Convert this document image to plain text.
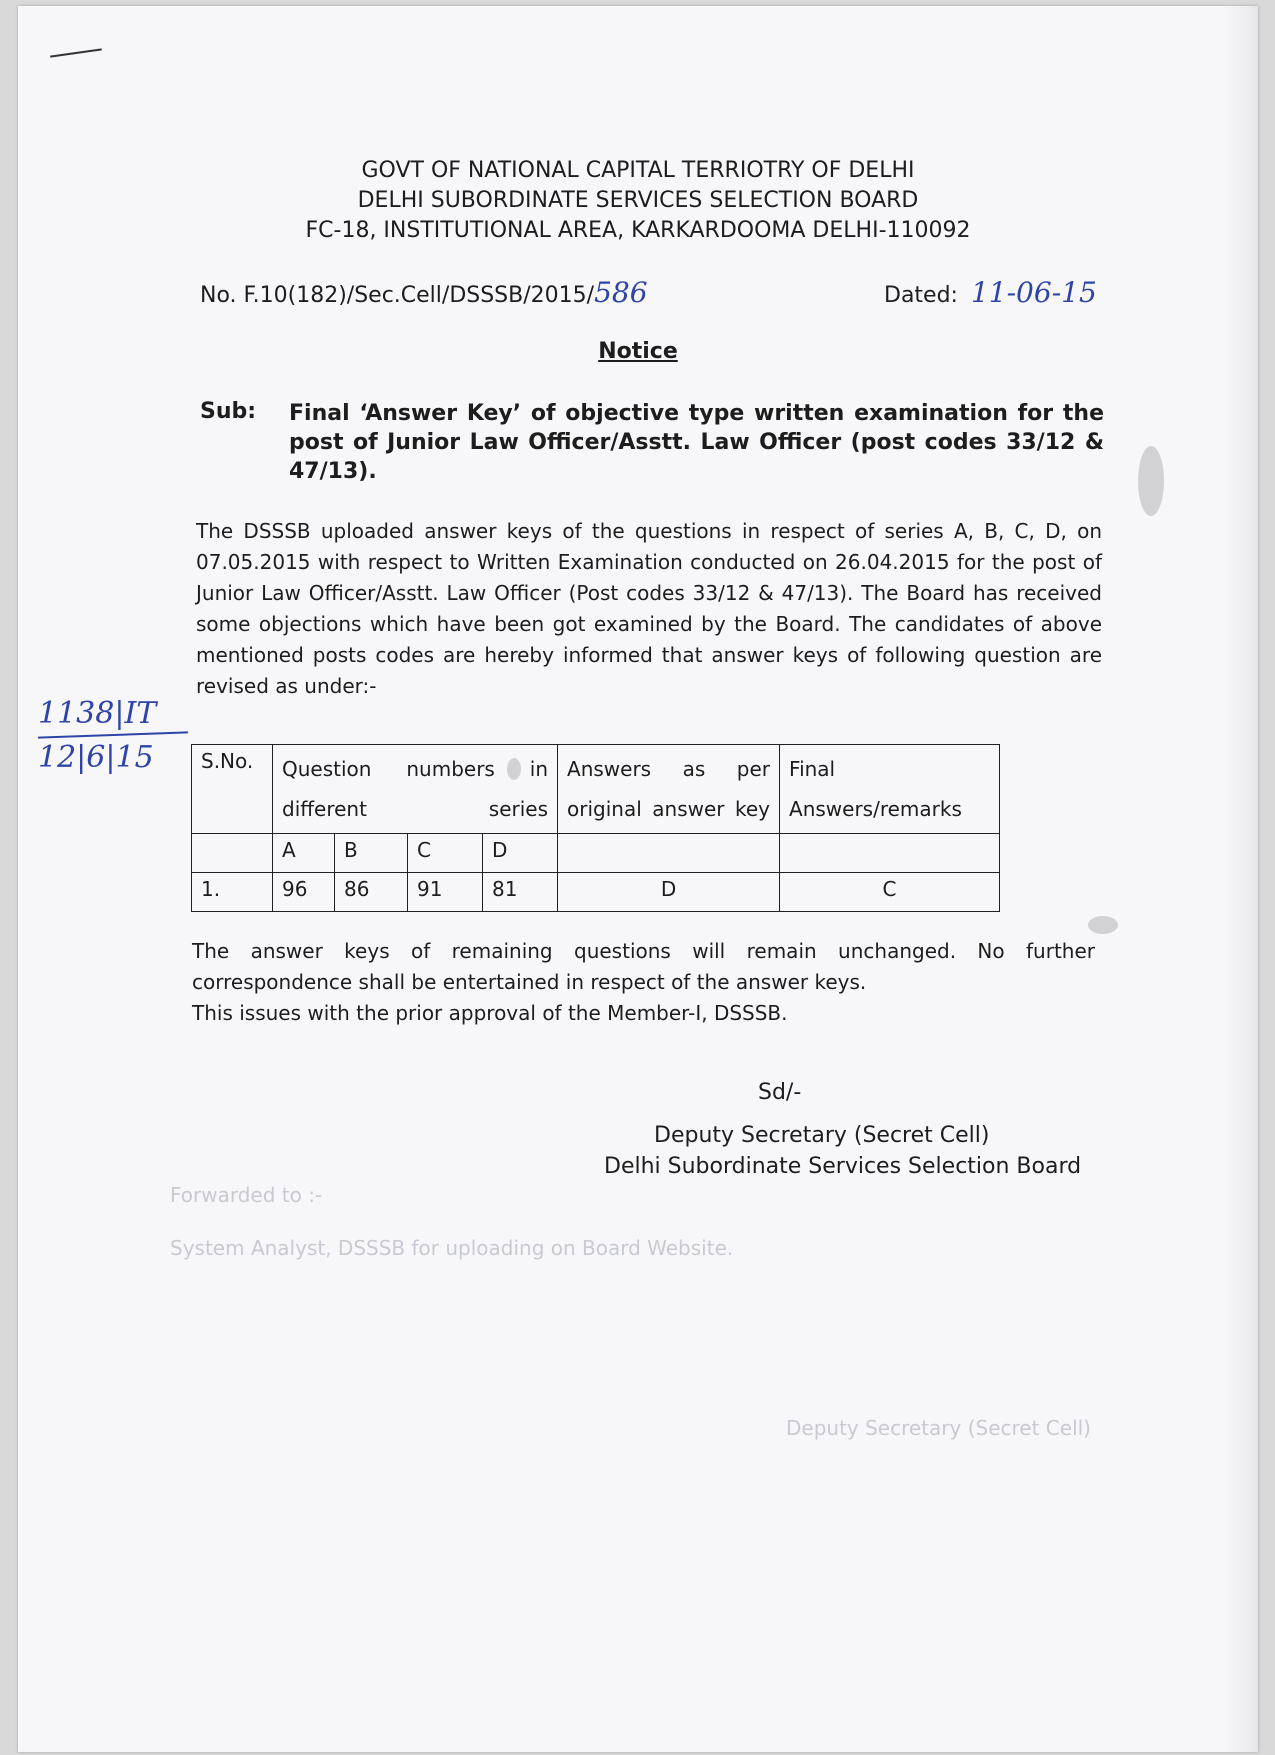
Forwarded to :-
System Analyst, DSSSB for uploading on Board Website.
Deputy Secretary (Secret Cell)
GOVT OF NATIONAL CAPITAL TERRIOTRY OF DELHI
DELHI SUBORDINATE SERVICES SELECTION BOARD
FC-18, INSTITUTIONAL AREA, KARKARDOOMA DELHI-110092
No. F.10(182)/Sec.Cell/DSSSB/2015/586	Dated: 11-06-15
Notice
Sub: Final ‘Answer Key’ of objective type written examination for the post of Junior Law Officer/Asstt. Law Officer (post codes 33/12 & 47/13).
The DSSSB uploaded answer keys of the questions in respect of series A, B, C, D, on 07.05.2015 with respect to Written Examination conducted on 26.04.2015 for the post of Junior Law Officer/Asstt. Law Officer (Post codes 33/12 & 47/13). The Board has received some objections which have been got examined by the Board. The candidates of above mentioned posts codes are hereby informed that answer keys of following question are revised as under:-
1138|IT
12|6|15	S.No.	Question numbers in different series				Answers as per original answer key	Final Answers/remarks

	A	B	C	D		
1.	96	86	91	81	D	C
The answer keys of remaining questions will remain unchanged. No further correspondence shall be entertained in respect of the answer keys.
This issues with the prior approval of the Member-I, DSSSB.
Sd/-
Deputy Secretary (Secret Cell)
Delhi Subordinate Services Selection Board
